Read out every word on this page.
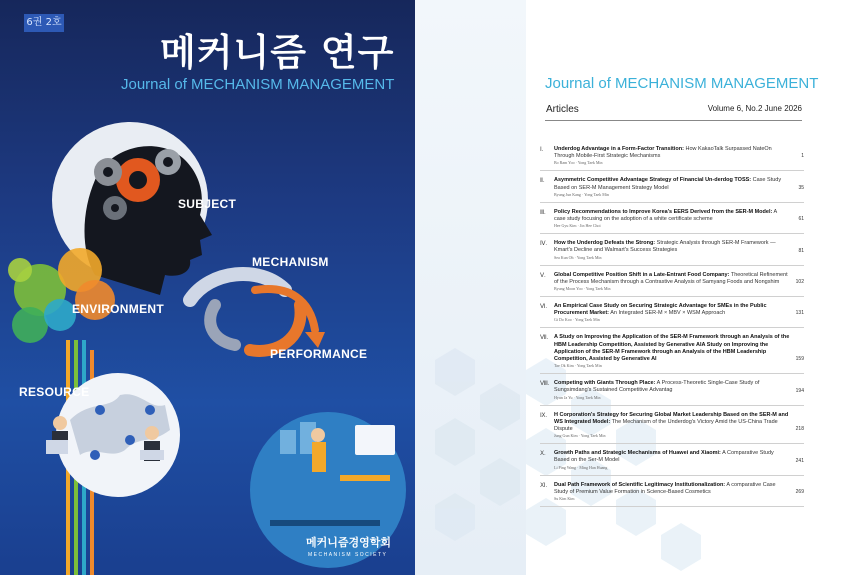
6권 2호
메커니즘 연구
Journal of MECHANISM MANAGEMENT
SUBJECT
ENVIRONMENT
RESOURCE
MECHANISM
PERFORMANCE
메커니즘경영학회
MECHANISM SOCIETY
Journal of MECHANISM MANAGEMENT
Articles	Volume 6, No.2 June 2026
Ⅰ. Underdog Advantage in a Form-Factor Transition: How KakaoTalk Surpassed NateOn Through Mobile-First Strategic Mechanisms
Bo Ram Yoo · Yong Taek Min
1
Ⅱ. Asymmetric Competitive Advantage Strategy of Financial Un-derdog TOSS: Case Study Based on SER-M Management Strategy Model
Byung Jun Kang · Yong Taek Min
35
Ⅲ. Policy Recommendations to Improve Korea's EERS Derived from the SER-M Model: A case study focusing on the adoption of a white certificate scheme
Hee Gyu Kim · Jin Hee Choi
61
Ⅳ. How the Underdog Defeats the Strong: Strategic Analysis through SER-M Framework — Kmart's Decline and Walmart's Success Strategies
Sea Kun Oh · Yong Taek Min
81
Ⅴ. Global Competitive Position Shift in a Late-Entrant Food Company: Theoretical Refinement of the Process Mechanism through a Contrastive Analysis of Samyang Foods and Nongshim
Byung Moon Yoo · Yong Taek Min
102
Ⅵ. An Empirical Case Study on Securing Strategic Advantage for SMEs in the Public Procurement Market: An Integrated SER-M × MBV × WSM Approach
Gi Do Koo · Yong Taek Min
131
Ⅶ. A Study on Improving the Application of the SER-M Framework through an Analysis of the HBM Leadership Competition, Assisted by Generative AIA Study on Improving the Application of the SER-M Framework through an Analysis of the HBM Leadership Competition, Assisted by Generative AI
Tae Ok Kim · Yong Taek Min
159
Ⅷ. Competing with Giants Through Place: A Process-Theoretic Single-Case Study of Sungsimdang's Sustained Competitive Advantag
Hyun Ja Yu · Yong Taek Min
194
Ⅸ. H Corporation's Strategy for Securing Global Market Leadership Based on the SER-M and WS Integrated Model: The Mechanism of the Underdog's Victory Amid the US-China Trade Dispute
Jung Gun Kim · Yong Taek Min
218
Ⅹ. Growth Paths and Strategic Mechanisms of Huawei and Xiaomi: A Comparative Study Based on the Ser-M Model
Li Ping Wang · Ming Han Huang
241
Ⅺ. Dual Path Framework of Scientific Legitimacy Institutionalization: A comparative Case Study of Premium Value Formation in Science-Based Cosmetics
Su Kim Kim
269
